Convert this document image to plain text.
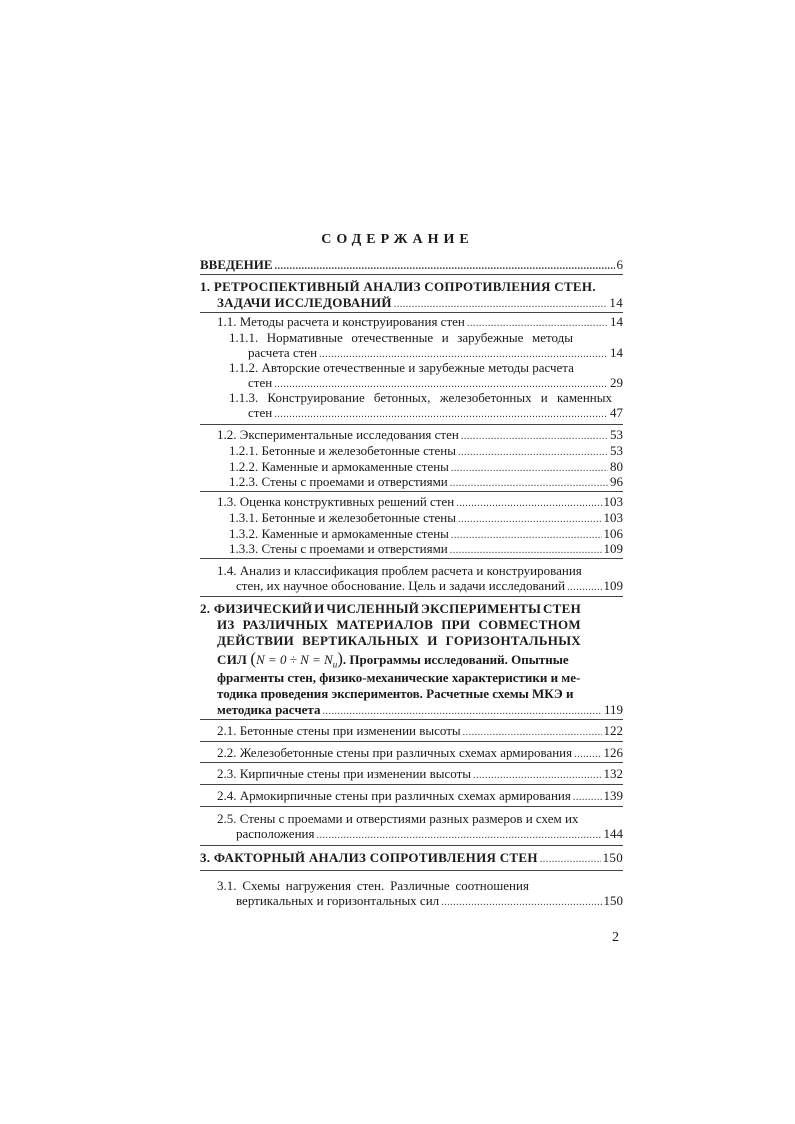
СОДЕРЖАНИЕ
ВВЕДЕНИЕ .....	6
1. РЕТРОСПЕКТИВНЫЙ АНАЛИЗ СОПРОТИВЛЕНИЯ СТЕН.
ЗАДАЧИ ИССЛЕДОВАНИЙ .....	14
1.1. Методы расчета и конструирования стен .....	14
1.1.1. Нормативные отечественные и зарубежные методы
расчета стен .....	14
1.1.2. Авторские отечественные и зарубежные методы расчета
стен .....	29
1.1.3. Конструирование бетонных, железобетонных и каменных
стен .....	47
1.2. Экспериментальные исследования стен .....	53
1.2.1. Бетонные и железобетонные стены .....	53
1.2.2. Каменные и армокаменные стены .....	80
1.2.3. Стены с проемами и отверстиями .....	96
1.3. Оценка конструктивных решений стен .....	103
1.3.1. Бетонные и железобетонные стены .....	103
1.3.2. Каменные и армокаменные стены .....	106
1.3.3. Стены с проемами и отверстиями .....	109
1.4. Анализ и классификация проблем расчета и конструирования
стен, их научное обоснование. Цель и задачи исследований .....	109
2. ФИЗИЧЕСКИЙ И ЧИСЛЕННЫЙ ЭКСПЕРИМЕНТЫ СТЕН
ИЗ РАЗЛИЧНЫХ МАТЕРИАЛОВ ПРИ СОВМЕСТНОМ
ДЕЙСТВИИ ВЕРТИКАЛЬНЫХ И ГОРИЗОНТАЛЬНЫХ
СИЛ $(N = 0 \div N = N_u)$. Программы исследований. Опытные
фрагменты стен, физико-механические характеристики и ме-
тодика проведения экспериментов. Расчетные схемы МКЭ и
методика расчета .....	119
2.1. Бетонные стены при изменении высоты .....	122
2.2. Железобетонные стены при различных схемах армирования ..... 126
2.3. Кирпичные стены при изменении высоты .....	132
2.4. Армокирпичные стены при различных схемах армирования .....	139
2.5. Стены с проемами и отверстиями разных размеров и схем их
расположения .....	144
3. ФАКТОРНЫЙ АНАЛИЗ СОПРОТИВЛЕНИЯ СТЕН .....	150
3.1. Схемы нагружения стен. Различные соотношения
вертикальных и горизонтальных сил .....	150
2
